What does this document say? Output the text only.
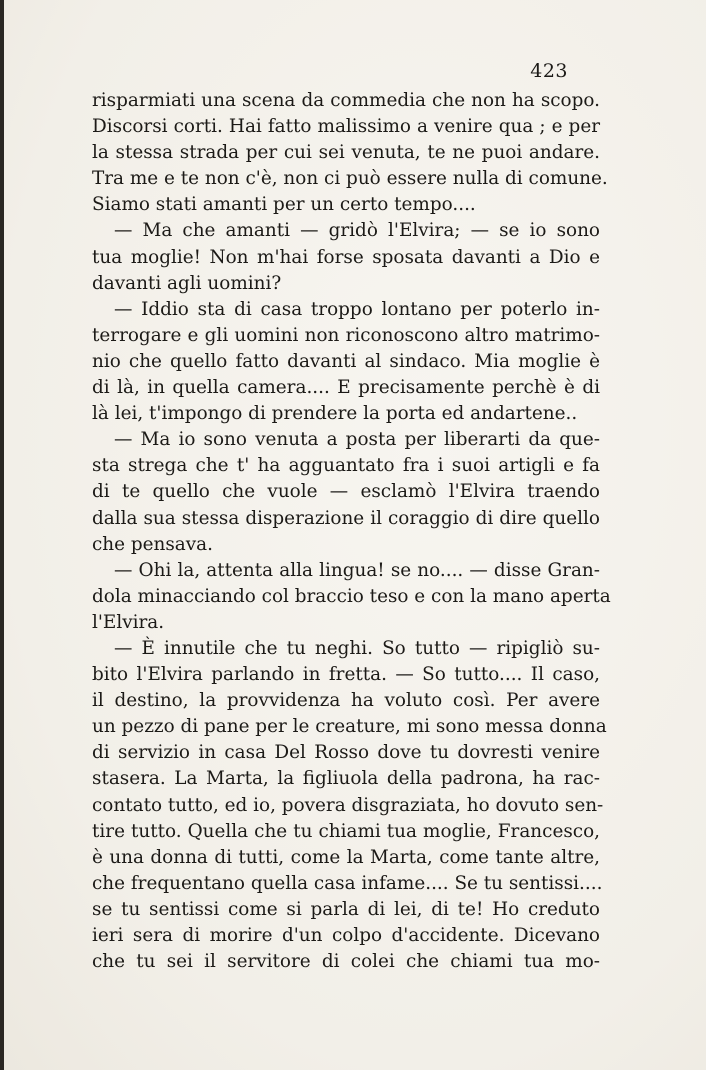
423
risparmiati una scena da commedia che non ha scopo.
Discorsi corti. Hai fatto malissimo a venire qua ; e per
la stessa strada per cui sei venuta, te ne puoi andare.
Tra me e te non c'è, non ci può essere nulla di comune.
Siamo stati amanti per un certo tempo....
— Ma che amanti — gridò l'Elvira; — se io sono
tua moglie! Non m'hai forse sposata davanti a Dio e
davanti agli uomini?
— Iddio sta di casa troppo lontano per poterlo in-
terrogare e gli uomini non riconoscono altro matrimo-
nio che quello fatto davanti al sindaco. Mia moglie è
di là, in quella camera.... E precisamente perchè è di
là lei, t'impongo di prendere la porta ed andartene..
— Ma io sono venuta a posta per liberarti da que-
sta strega che t' ha agguantato fra i suoi artigli e fa
di te quello che vuole — esclamò l'Elvira traendo
dalla sua stessa disperazione il coraggio di dire quello
che pensava.
— Ohi la, attenta alla lingua! se no.... — disse Gran-
dola minacciando col braccio teso e con la mano aperta
l'Elvira.
— È innutile che tu neghi. So tutto — ripigliò su-
bito l'Elvira parlando in fretta. — So tutto.... Il caso,
il destino, la provvidenza ha voluto così. Per avere
un pezzo di pane per le creature, mi sono messa donna
di servizio in casa Del Rosso dove tu dovresti venire
stasera. La Marta, la figliuola della padrona, ha rac-
contato tutto, ed io, povera disgraziata, ho dovuto sen-
tire tutto. Quella che tu chiami tua moglie, Francesco,
è una donna di tutti, come la Marta, come tante altre,
che frequentano quella casa infame.... Se tu sentissi....
se tu sentissi come si parla di lei, di te! Ho creduto
ieri sera di morire d'un colpo d'accidente. Dicevano
che tu sei il servitore di colei che chiami tua mo-
